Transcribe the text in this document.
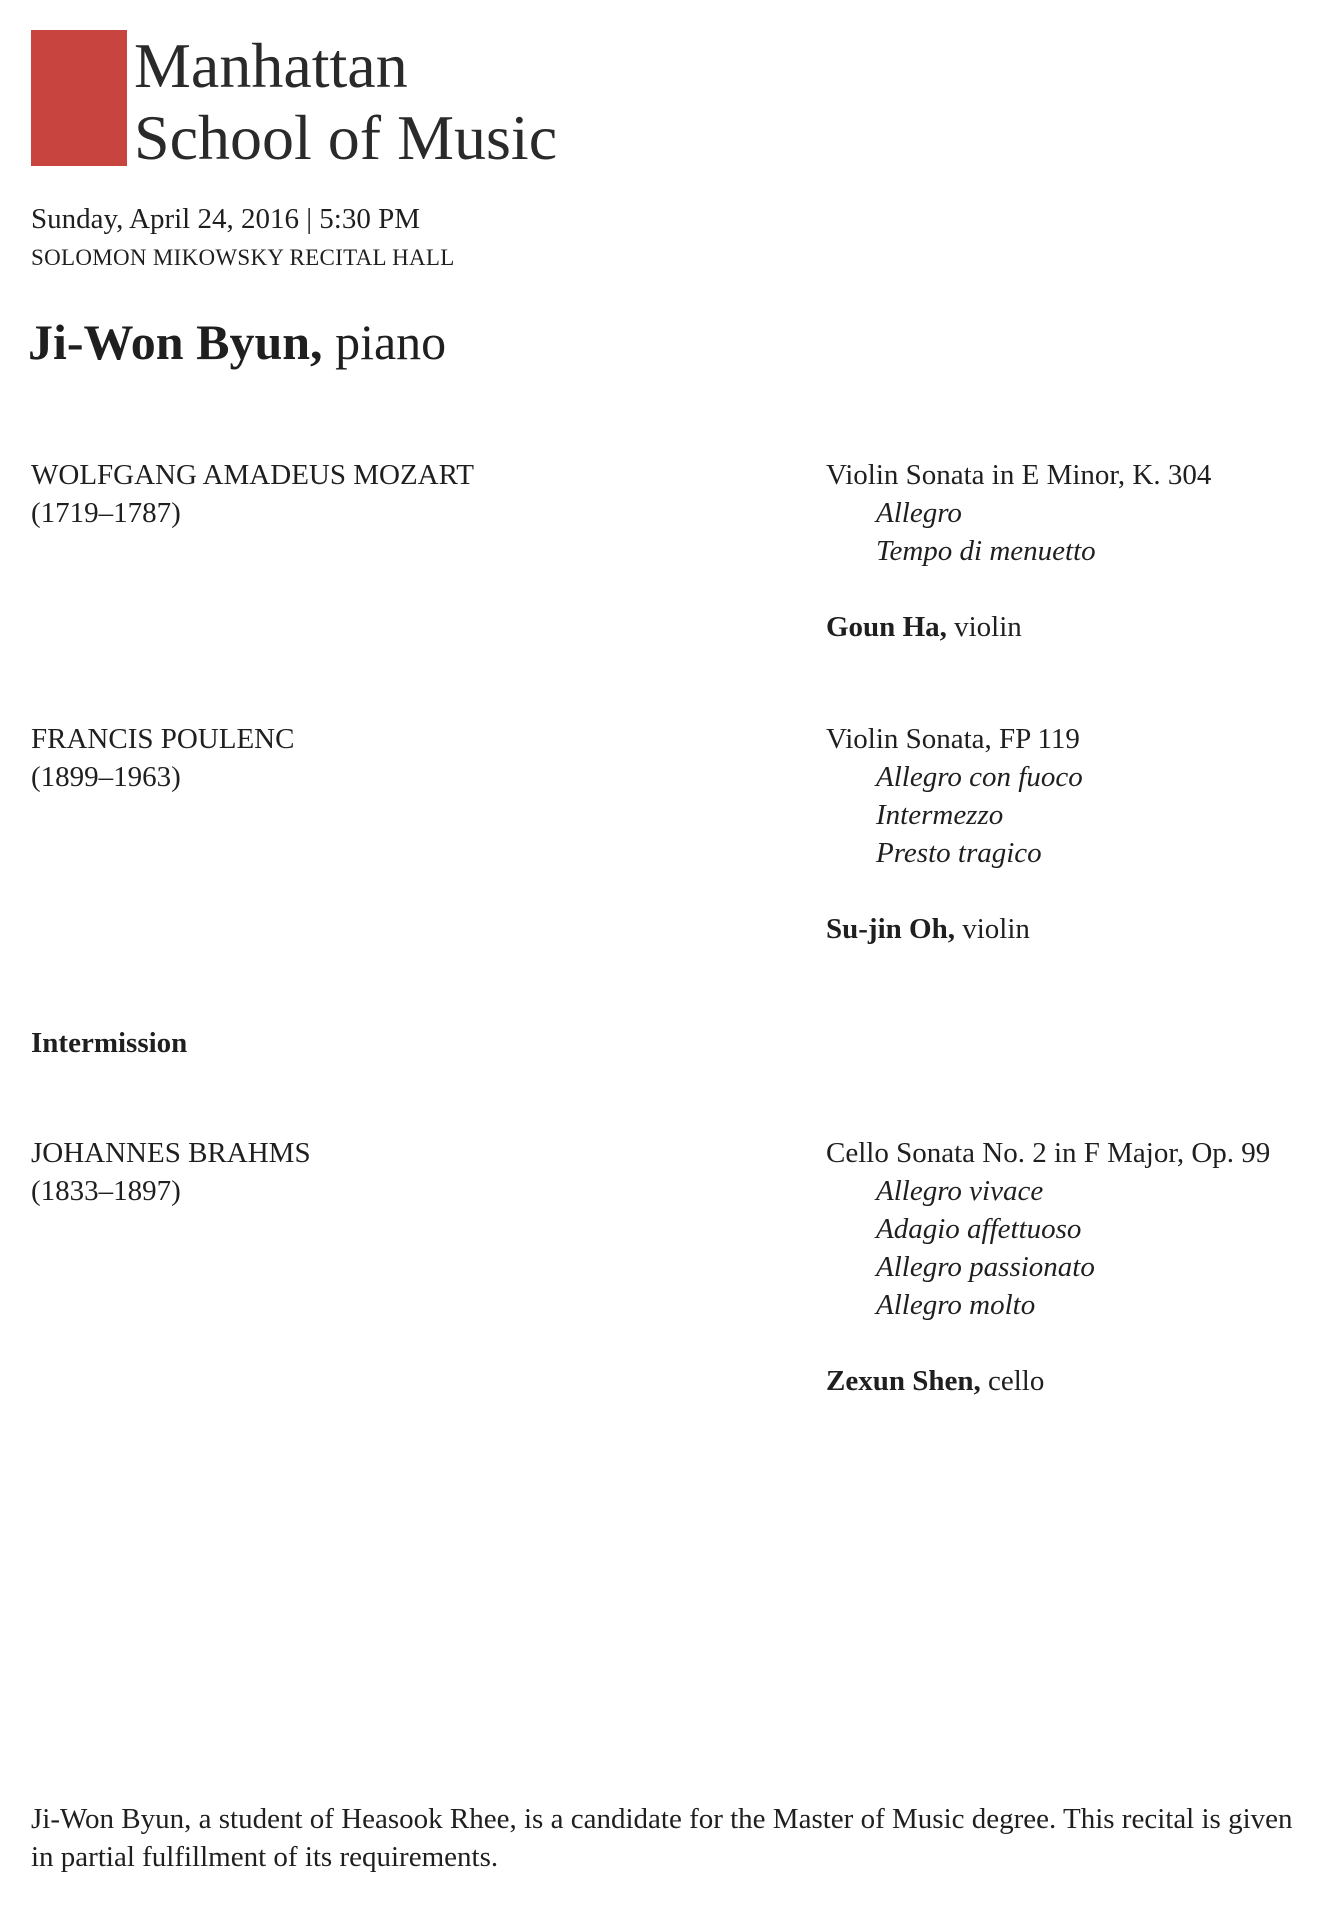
M Manhattan
School of Music
Sunday, April 24, 2016 | 5:30 PM
SOLOMON MIKOWSKY RECITAL HALL
Ji-Won Byun, piano
WOLFGANG AMADEUS MOZART
(1719–1787)
Violin Sonata in E Minor, K. 304
Allegro
Tempo di menuetto
Goun Ha, violin
FRANCIS POULENC
(1899–1963)
Violin Sonata, FP 119
Allegro con fuoco
Intermezzo
Presto tragico
Su-jin Oh, violin
Intermission
JOHANNES BRAHMS
(1833–1897)
Cello Sonata No. 2 in F Major, Op. 99
Allegro vivace
Adagio affettuoso
Allegro passionato
Allegro molto
Zexun Shen, cello
Ji-Won Byun, a student of Heasook Rhee, is a candidate for the Master of Music degree. This recital is given in partial fulfillment of its requirements.
